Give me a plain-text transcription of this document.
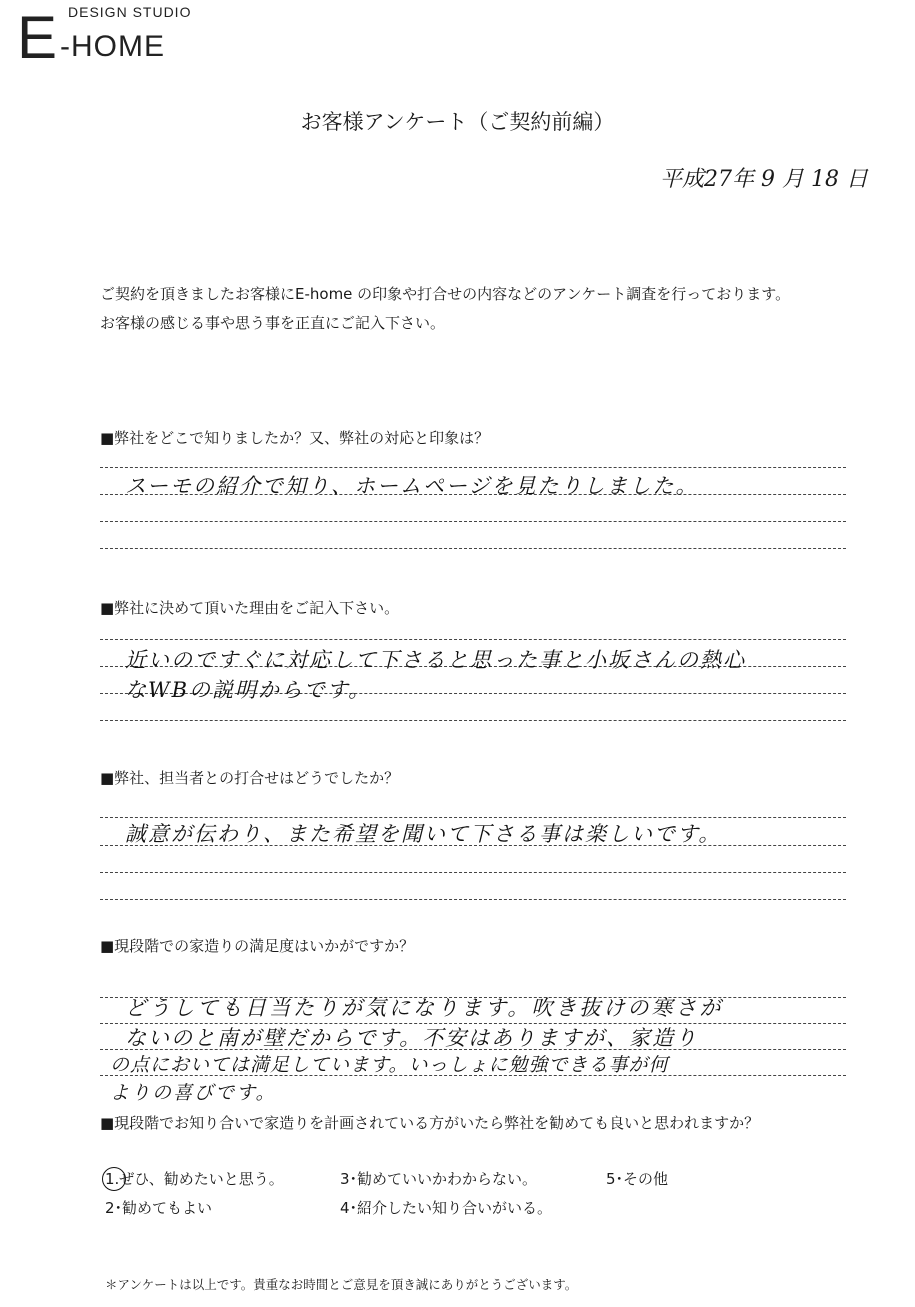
E DESIGN STUDIO
-HOME
お客様アンケート（ご契約前編）
平成27年 9 月 18 日
ご契約を頂きましたお客様にE-home の印象や打合せの内容などのアンケート調査を行っております。
お客様の感じる事や思う事を正直にご記入下さい。
■弊社をどこで知りましたか？又、弊社の対応と印象は？
スーモの紹介で知り、ホームページを見たりしました。
■弊社に決めて頂いた理由をご記入下さい。
近いのですぐに対応して下さると思った事と小坂さんの熱心
なWBの説明からです。
■弊社、担当者との打合せはどうでしたか？
誠意が伝わり、また希望を聞いて下さる事は楽しいです。
■現段階での家造りの満足度はいかがですか？
どうしても日当たりが気になります。吹き抜けの寒さが
ないのと南が壁だからです。不安はありますが、家造り
の点においては満足しています。いっしょに勉強できる事が何
よりの喜びです。
■現段階でお知り合いで家造りを計画されている方がいたら弊社を勧めても良いと思われますか？
1.ぜひ、勧めたいと思う。	3･勧めていいかわからない。	5･その他
2･勧めてもよい	4･紹介したい知り合いがいる。
＊アンケートは以上です。貴重なお時間とご意見を頂き誠にありがとうございます。
